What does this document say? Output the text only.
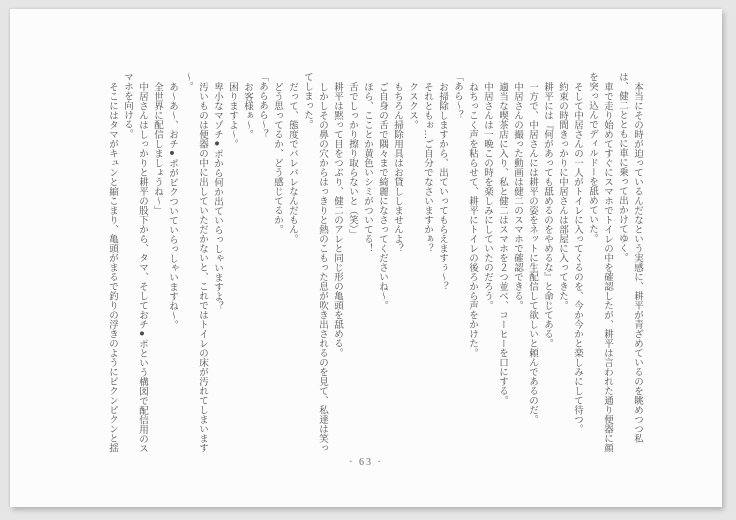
本当にその時が迫っているんだなという実感に、耕平が青ざめているのを眺めつつ私は、健二とともに車に乗って出かけてゆく。

車で走り始めてすぐにスマホでトイレの中を確認したが、耕平は言われた通り便器に顔を突っ込んでディルドーを舐めていた。

そして中居さんの一人がトイレに入ってくるのを、今か今かと楽しみにして待つ。

約束の時間きっかりに中居さんは部屋に入ってきた。

耕平には『何があっても舐めるのをやめるな』と命じてある。

一方で、中居さんには耕平の姿をネットに生配信して欲しいと頼んであるのだ。

中居さんの撮った動画は健二のスマホで確認できる。

適当な喫茶店に入り、私と健二はスマホを２つ並べ、コーヒーを口にする。

中居さんは一晩この時を楽しみにしていたのだろう。

ねちっこく声を粘らせて、耕平にトイレの後ろから声をかけた。

「あら～？

お掃除しますから、出ていってもらえますぅ～？

それともぉ…ご自分でなさいますかぁ？

クスクス。

もちろん掃除用具はお貸ししませんよ？

ご自身の舌で隅々まで綺麗になさってくださいね～。

ほら、こことか黄色いシミがついてる！

舌でしっかり擦り取らないと（笑）」

耕平は黙って目をつぶり、健二のアレと同じ形の亀頭を舐める。

しかしその鼻の穴からはっきりと熱のこもった息が吹き出されるのを見て、私達は笑ってしまった。

だって、態度でバレバレなんだもん。

どう思ってるか、どう感じてるか。

「あらあら～？

お客様ぁ～。

困りますよ～。

卑小なマゾチ●ポから何か出ていらっしゃいますよ？

汚いものは便器の中に出していただかないと、これではトイレの床が汚れてしまいます～。

あ～あ～、おチ●ポがビクついていらっしゃいますね～。

全世界に配信しましょうね～」

中居さんはしっかりと耕平の股下から、タマ、そしておチ●ポという構図で配信用のスマホを向ける。

そこにはタマがキュンと縮こまり、亀頭がまるで釣りの浮きのようにピクンピクンと揺

· 63 ·
